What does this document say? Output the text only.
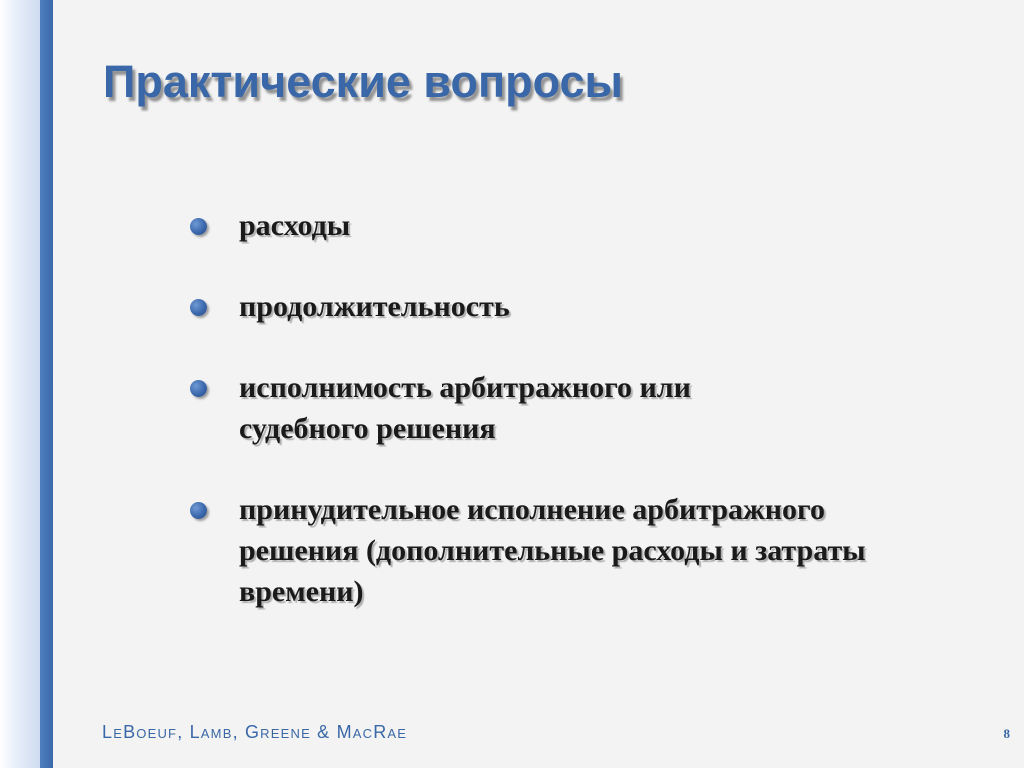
Практические вопросы
расходы
продолжительность
исполнимость арбитражного или судебного решения
принудительное исполнение арбитражного решения (дополнительные расходы и затраты времени)
LeBoeuf, Lamb, Greene & MacRae	8
